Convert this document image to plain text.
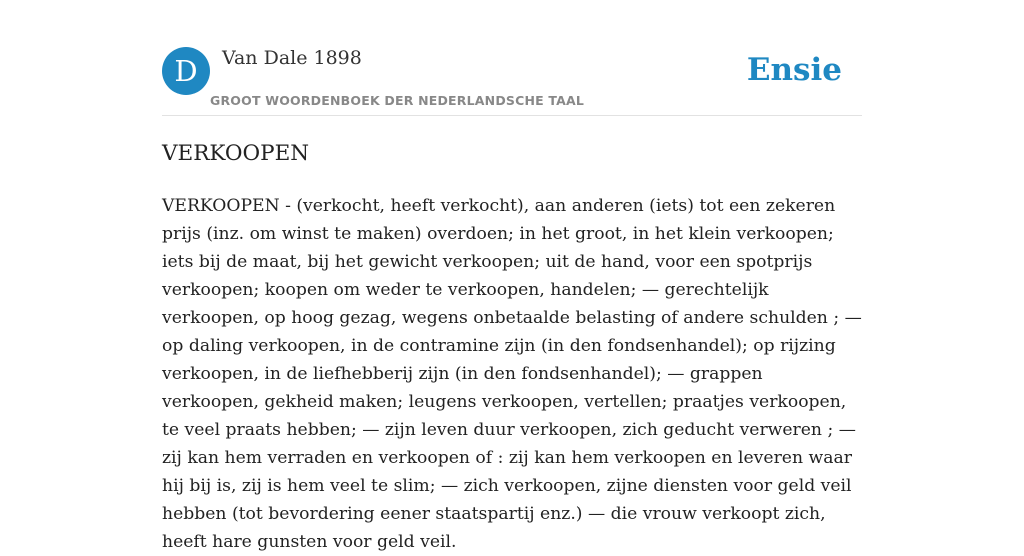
D	Van Dale 1898
GROOT WOORDENBOEK DER NEDERLANDSCHE TAAL
Ensie
VERKOOPEN

VERKOOPEN - (verkocht, heeft verkocht), aan anderen (iets) tot een zekeren prijs (inz. om winst te maken) overdoen; in het groot, in het klein verkoopen; iets bij de maat, bij het gewicht verkoopen; uit de hand, voor een spotprijs verkoopen; koopen om weder te verkoopen, handelen; — gerechtelijk verkoopen, op hoog gezag, wegens onbetaalde belasting of andere schulden ; — op daling verkoopen, in de contramine zijn (in den fondsenhandel); op rijzing verkoopen, in de liefhebberij zijn (in den fondsenhandel); — grappen verkoopen, gekheid maken; leugens verkoopen, vertellen; praatjes verkoopen, te veel praats hebben; — zijn leven duur verkoopen, zich geducht verweren ; — zij kan hem verraden en verkoopen of : zij kan hem verkoopen en leveren waar hij bij is, zij is hem veel te slim; — zich verkoopen, zijne diensten voor geld veil hebben (tot bevordering eener staatspartij enz.) — die vrouw verkoopt zich, heeft hare gunsten voor geld veil.
